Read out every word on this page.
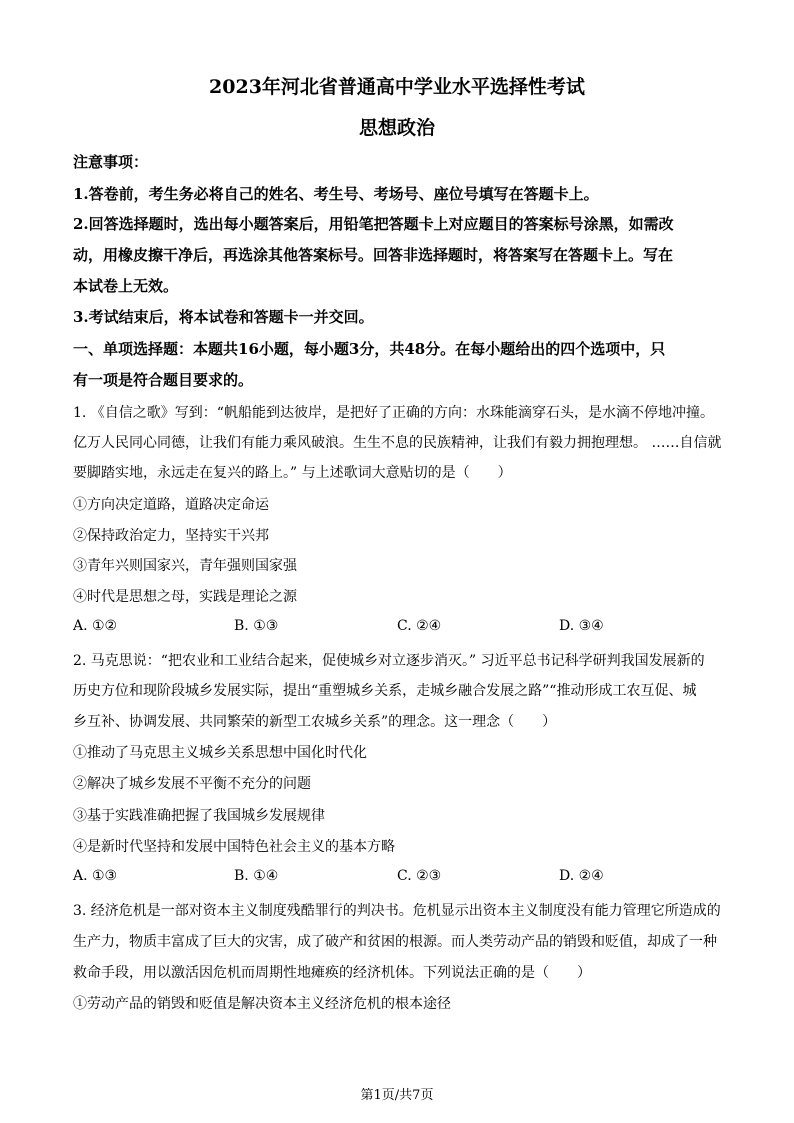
2023年河北省普通高中学业水平选择性考试
思想政治
注意事项：
1.答卷前，考生务必将自己的姓名、考生号、考场号、座位号填写在答题卡上。
2.回答选择题时，选出每小题答案后，用铅笔把答题卡上对应题目的答案标号涂黑，如需改
动，用橡皮擦干净后，再选涂其他答案标号。回答非选择题时，将答案写在答题卡上。写在
本试卷上无效。
3.考试结束后，将本试卷和答题卡一并交回。
一、单项选择题：本题共16小题，每小题3分，共48分。在每小题给出的四个选项中，只
有一项是符合题目要求的。
1. 《自信之歌》写到：“帆船能到达彼岸，是把好了正确的方向：水珠能滴穿石头，是水滴不停地冲撞。
亿万人民同心同德，让我们有能力乘风破浪。生生不息的民族精神，让我们有毅力拥抱理想。 ……自信就
要脚踏实地，永远走在复兴的路上。” 与上述歌词大意贴切的是（　　）
①方向决定道路，道路决定命运
②保持政治定力，坚持实干兴邦
③青年兴则国家兴，青年强则国家强
④时代是思想之母，实践是理论之源
A. ①②	B. ①③	C. ②④	D. ③④
2. 马克思说：“把农业和工业结合起来，促使城乡对立逐步消灭。” 习近平总书记科学研判我国发展新的
历史方位和现阶段城乡发展实际，提出“重塑城乡关系，走城乡融合发展之路”“推动形成工农互促、城
乡互补、协调发展、共同繁荣的新型工农城乡关系”的理念。这一理念（　　）
①推动了马克思主义城乡关系思想中国化时代化
②解决了城乡发展不平衡不充分的问题
③基于实践准确把握了我国城乡发展规律
④是新时代坚持和发展中国特色社会主义的基本方略
A. ①③	B. ①④	C. ②③	D. ②④
3. 经济危机是一部对资本主义制度残酷罪行的判决书。危机显示出资本主义制度没有能力管理它所造成的
生产力，物质丰富成了巨大的灾害，成了破产和贫困的根源。而人类劳动产品的销毁和贬值，却成了一种
救命手段，用以激活因危机而周期性地瘫痪的经济机体。下列说法正确的是（　　）
①劳动产品的销毁和贬值是解决资本主义经济危机的根本途径
第1页/共7页
